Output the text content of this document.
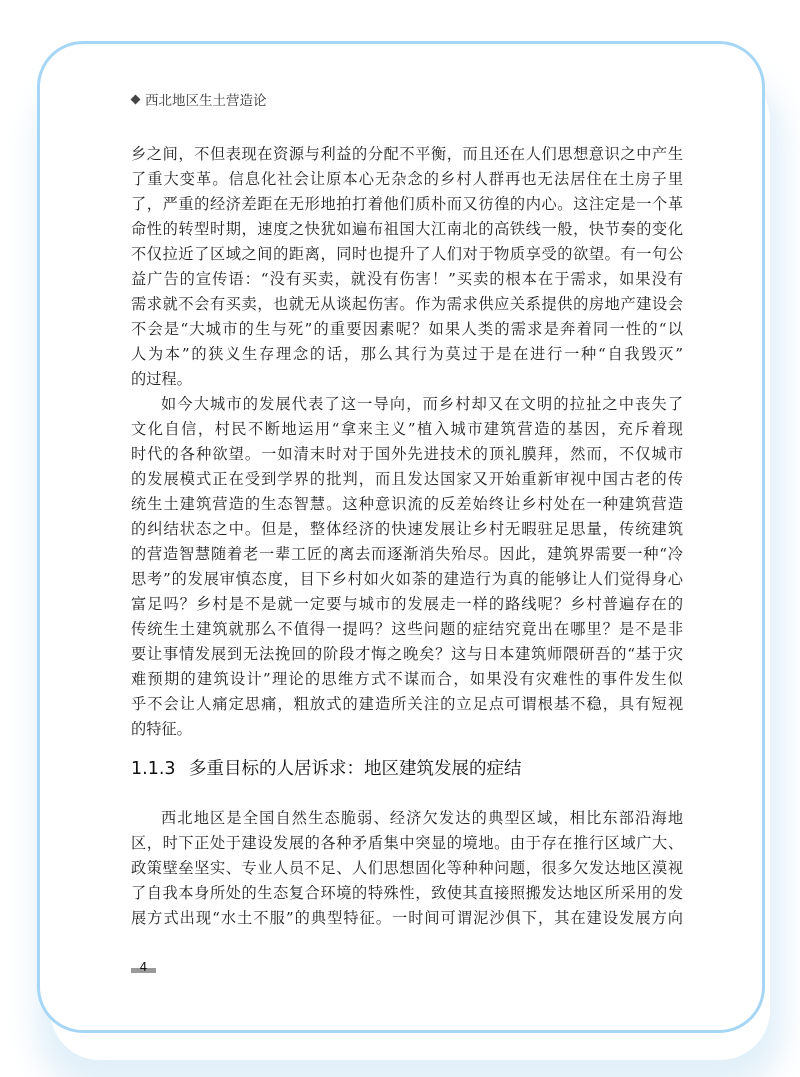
西北地区生土营造论
乡之间，不但表现在资源与利益的分配不平衡，而且还在人们思想意识之中产生
了重大变革。信息化社会让原本心无杂念的乡村人群再也无法居住在土房子里
了，严重的经济差距在无形地拍打着他们质朴而又彷徨的内心。这注定是一个革
命性的转型时期，速度之快犹如遍布祖国大江南北的高铁线一般，快节奏的变化
不仅拉近了区域之间的距离，同时也提升了人们对于物质享受的欲望。有一句公
益广告的宣传语：“没有买卖，就没有伤害！”买卖的根本在于需求，如果没有
需求就不会有买卖，也就无从谈起伤害。作为需求供应关系提供的房地产建设会
不会是“大城市的生与死”的重要因素呢？如果人类的需求是奔着同一性的“以
人为本”的狭义生存理念的话，那么其行为莫过于是在进行一种“自我毁灭”
的过程。
如今大城市的发展代表了这一导向，而乡村却又在文明的拉扯之中丧失了
文化自信，村民不断地运用“拿来主义”植入城市建筑营造的基因，充斥着现
时代的各种欲望。一如清末时对于国外先进技术的顶礼膜拜，然而，不仅城市
的发展模式正在受到学界的批判，而且发达国家又开始重新审视中国古老的传
统生土建筑营造的生态智慧。这种意识流的反差始终让乡村处在一种建筑营造
的纠结状态之中。但是，整体经济的快速发展让乡村无暇驻足思量，传统建筑
的营造智慧随着老一辈工匠的离去而逐渐消失殆尽。因此，建筑界需要一种“冷
思考”的发展审慎态度，目下乡村如火如荼的建造行为真的能够让人们觉得身心
富足吗？乡村是不是就一定要与城市的发展走一样的路线呢？乡村普遍存在的
传统生土建筑就那么不值得一提吗？这些问题的症结究竟出在哪里？是不是非
要让事情发展到无法挽回的阶段才悔之晚矣？这与日本建筑师隈研吾的“基于灾
难预期的建筑设计”理论的思维方式不谋而合，如果没有灾难性的事件发生似
乎不会让人痛定思痛，粗放式的建造所关注的立足点可谓根基不稳，具有短视
的特征。
1.1.3 多重目标的人居诉求：地区建筑发展的症结
西北地区是全国自然生态脆弱、经济欠发达的典型区域，相比东部沿海地
区，时下正处于建设发展的各种矛盾集中突显的境地。由于存在推行区域广大、
政策壁垒坚实、专业人员不足、人们思想固化等种种问题，很多欠发达地区漠视
了自我本身所处的生态复合环境的特殊性，致使其直接照搬发达地区所采用的发
展方式出现“水土不服”的典型特征。一时间可谓泥沙俱下，其在建设发展方向
4
